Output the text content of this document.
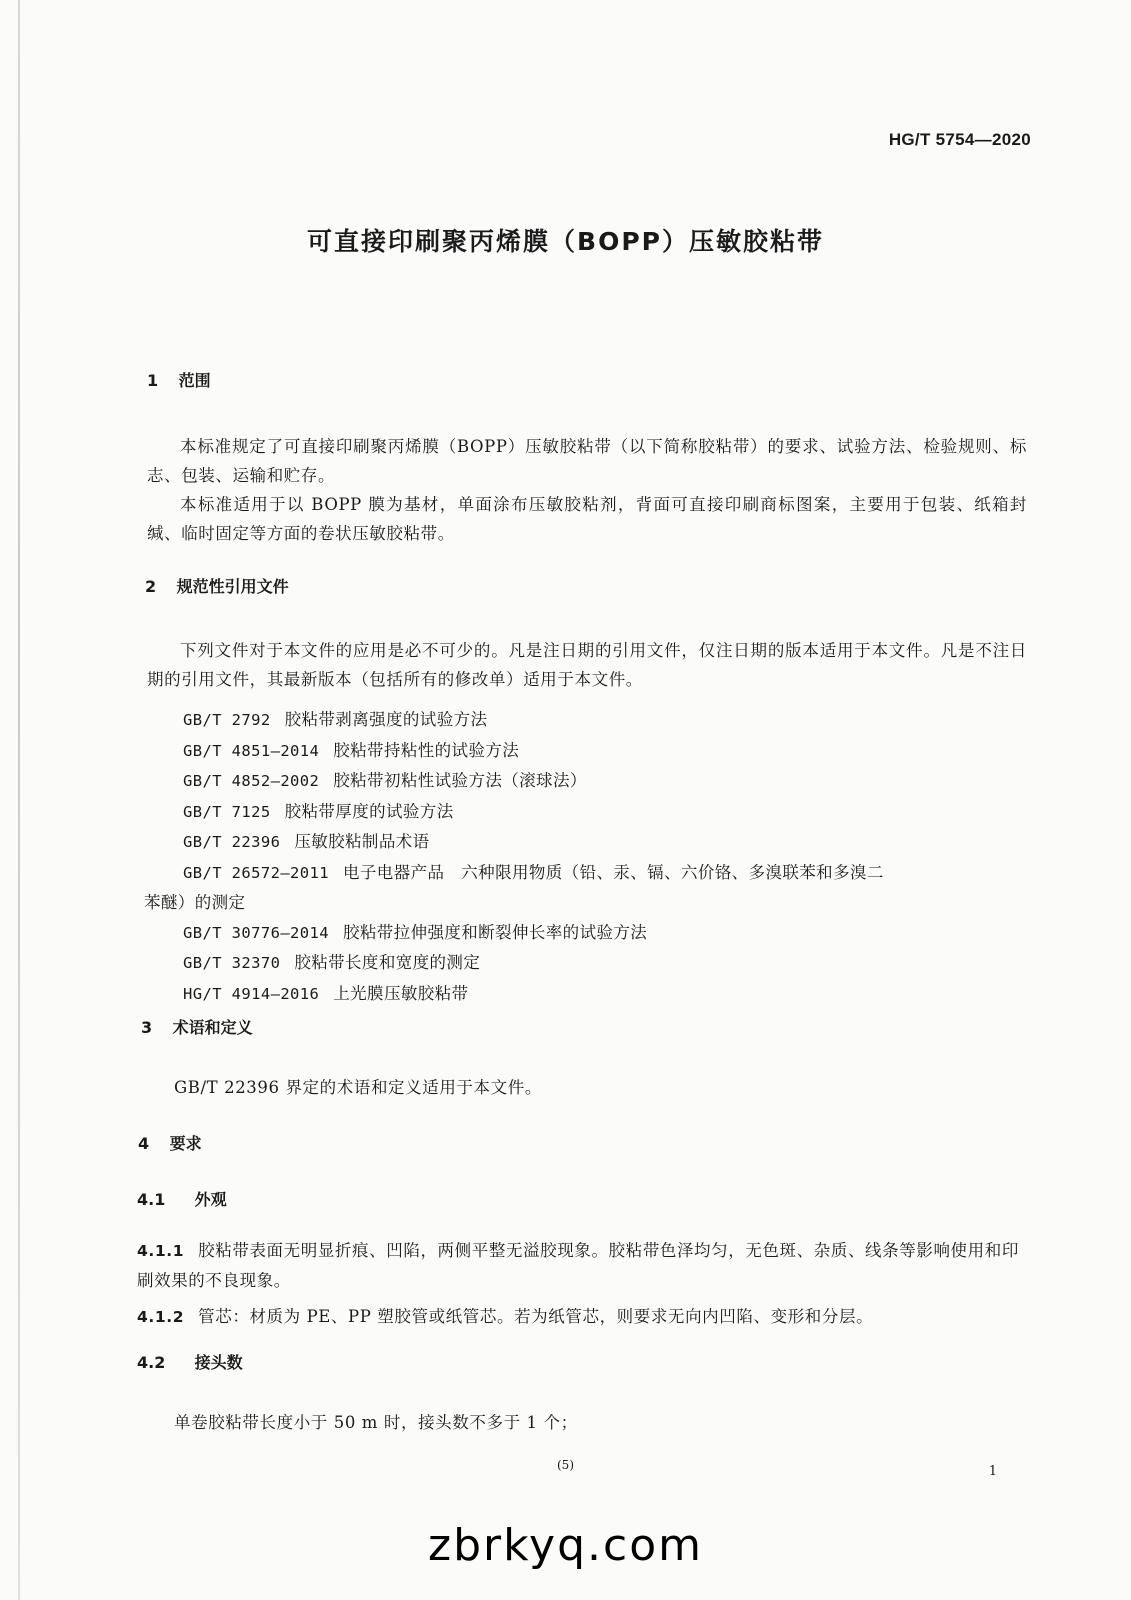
HG/T 5754—2020
可直接印刷聚丙烯膜（BOPP）压敏胶粘带
1 范围
本标准规定了可直接印刷聚丙烯膜（BOPP）压敏胶粘带（以下简称胶粘带）的要求、试验方法、检验规则、标志、包装、运输和贮存。
本标准适用于以 BOPP 膜为基材，单面涂布压敏胶粘剂，背面可直接印刷商标图案，主要用于包装、纸箱封缄、临时固定等方面的卷状压敏胶粘带。
2 规范性引用文件
下列文件对于本文件的应用是必不可少的。凡是注日期的引用文件，仅注日期的版本适用于本文件。凡是不注日期的引用文件，其最新版本（包括所有的修改单）适用于本文件。
GB/T 2792 胶粘带剥离强度的试验方法
GB/T 4851—2014 胶粘带持粘性的试验方法
GB/T 4852—2002 胶粘带初粘性试验方法（滚球法）
GB/T 7125 胶粘带厚度的试验方法
GB/T 22396 压敏胶粘制品术语
GB/T 26572—2011 电子电器产品　六种限用物质（铅、汞、镉、六价铬、多溴联苯和多溴二
苯醚）的测定
GB/T 30776—2014 胶粘带拉伸强度和断裂伸长率的试验方法
GB/T 32370 胶粘带长度和宽度的测定
HG/T 4914—2016 上光膜压敏胶粘带
3 术语和定义
GB/T 22396 界定的术语和定义适用于本文件。
4 要求
4.1 外观
4.1.1 胶粘带表面无明显折痕、凹陷，两侧平整无溢胶现象。胶粘带色泽均匀，无色斑、杂质、线条等影响使用和印刷效果的不良现象。
4.1.2 管芯：材质为 PE、PP 塑胶管或纸管芯。若为纸管芯，则要求无向内凹陷、变形和分层。
4.2 接头数
单卷胶粘带长度小于 50 m 时，接头数不多于 1 个；
(5)	1
zbrkyq.com
